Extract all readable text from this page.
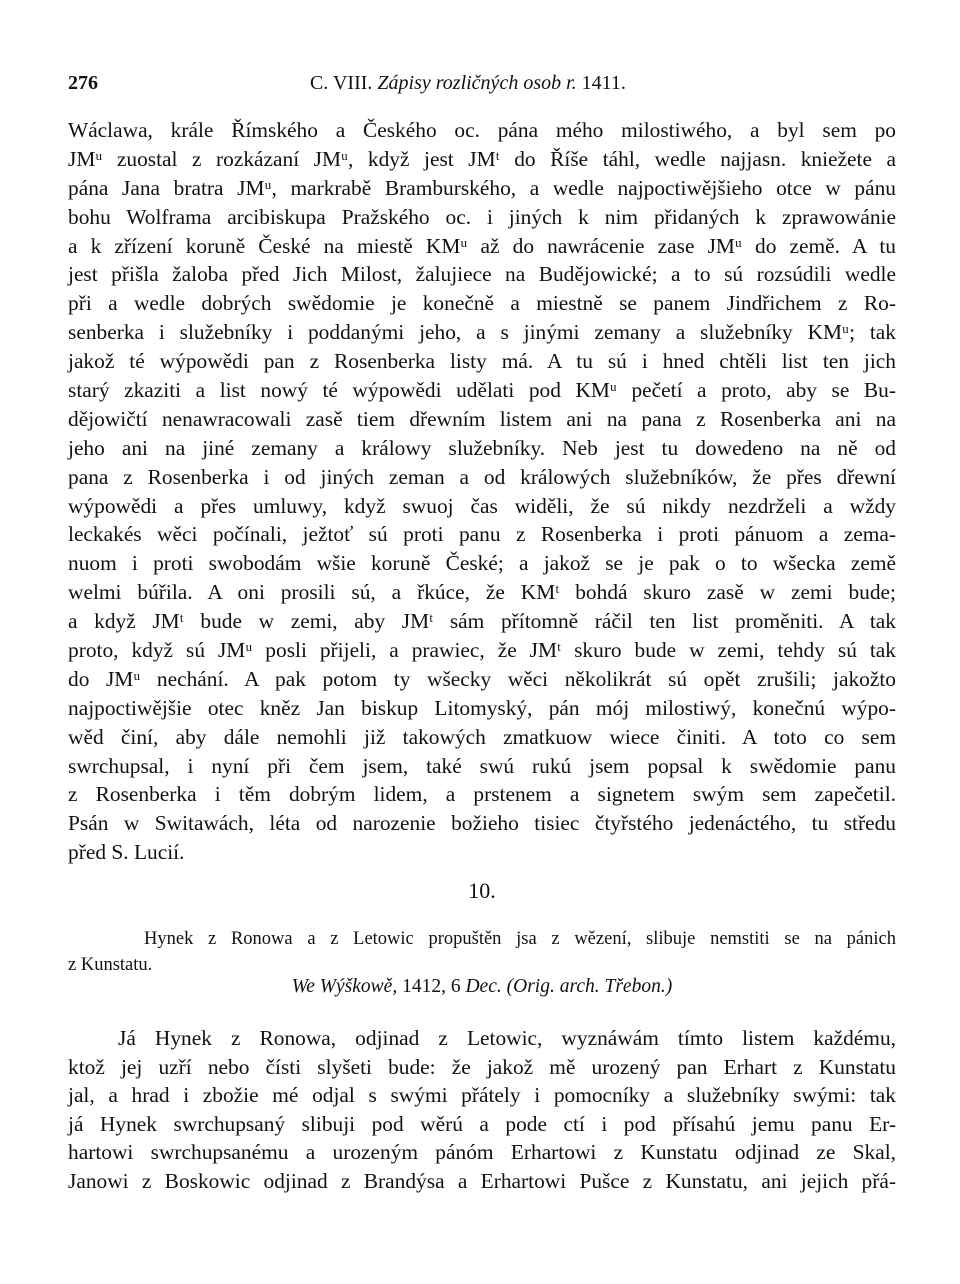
276	C. VIII. Zápisy rozličných osob r. 1411.
Wáclawa, krále Římského a Českého oc. pána mého milostiwého, a byl sem po
JMᵘ zuostal z rozkázaní JMᵘ, když jest JMᵗ do Říše táhl, wedle najjasn. kniežete a
pána Jana bratra JMᵘ, markrabě Bramburského, a wedle najpoctiwějšieho otce w pánu
bohu Wolframa arcibiskupa Pražského oc. i jiných k nim přidaných k zprawowánie
a k zřízení koruně České na miestě KMᵘ až do nawrácenie zase JMᵘ do země. A tu
jest přišla žaloba před Jich Milost, žalujiece na Budějowické; a to sú rozsúdili wedle
při a wedle dobrých swědomie je konečně a miestně se panem Jindřichem z Ro-
senberka i služebníky i poddanými jeho, a s jinými zemany a služebníky KMᵘ; tak
jakož té wýpowědi pan z Rosenberka listy má. A tu sú i hned chtěli list ten jich
starý zkaziti a list nowý té wýpowědi udělati pod KMᵘ pečetí a proto, aby se Bu-
dějowičtí nenawracowali zasě tiem dřewním listem ani na pana z Rosenberka ani na
jeho ani na jiné zemany a králowy služebníky. Neb jest tu dowedeno na ně od
pana z Rosenberka i od jiných zeman a od králowých služebníków, že přes dřewní
wýpowědi a přes umluwy, když swuoj čas widěli, že sú nikdy nezdrželi a wždy
leckakés wěci počínali, ježtoť sú proti panu z Rosenberka i proti pánuom a zema-
nuom i proti swobodám wšie koruně České; a jakož se je pak o to wšecka země
welmi búřila. A oni prosili sú, a řkúce, že KMᵗ bohdá skuro zasě w zemi bude;
a když JMᵗ bude w zemi, aby JMᵗ sám přítomně ráčil ten list proměniti. A tak
proto, když sú JMᵘ posli přijeli, a prawiec, že JMᵗ skuro bude w zemi, tehdy sú tak
do JMᵘ nechání. A pak potom ty wšecky wěci několikrát sú opět zrušili; jakožto
najpoctiwějšie otec kněz Jan biskup Litomyský, pán mój milostiwý, konečnú wýpo-
wěd činí, aby dále nemohli již takowých zmatkuow wiece činiti. A toto co sem
swrchupsal, i nyní při čem jsem, také swú rukú jsem popsal k swědomie panu
z Rosenberka i těm dobrým lidem, a prstenem a signetem swým sem zapečetil.
Psán w Switawách, léta od narozenie božieho tisiec čtyřstého jedenáctého, tu středu
před S. Lucií.
10.
Hynek z Ronowa a z Letowic propuštěn jsa z wězení, slibuje nemstiti se na pánich
z Kunstatu.
We Wýškowě, 1412, 6 Dec. (Orig. arch. Třebon.)
Já Hynek z Ronowa, odjinad z Letowic, wyznáwám tímto listem každému,
ktož jej uzří nebo čísti slyšeti bude: že jakož mě urozený pan Erhart z Kunstatu
jal, a hrad i zbožie mé odjal s swými přátely i pomocníky a služebníky swými: tak
já Hynek swrchupsaný slibuji pod wěrú a pode ctí i pod přísahú jemu panu Er-
hartowi swrchupsanému a urozeným pánóm Erhartowi z Kunstatu odjinad ze Skal,
Janowi z Boskowic odjinad z Brandýsa a Erhartowi Pušce z Kunstatu, ani jejich přá-
